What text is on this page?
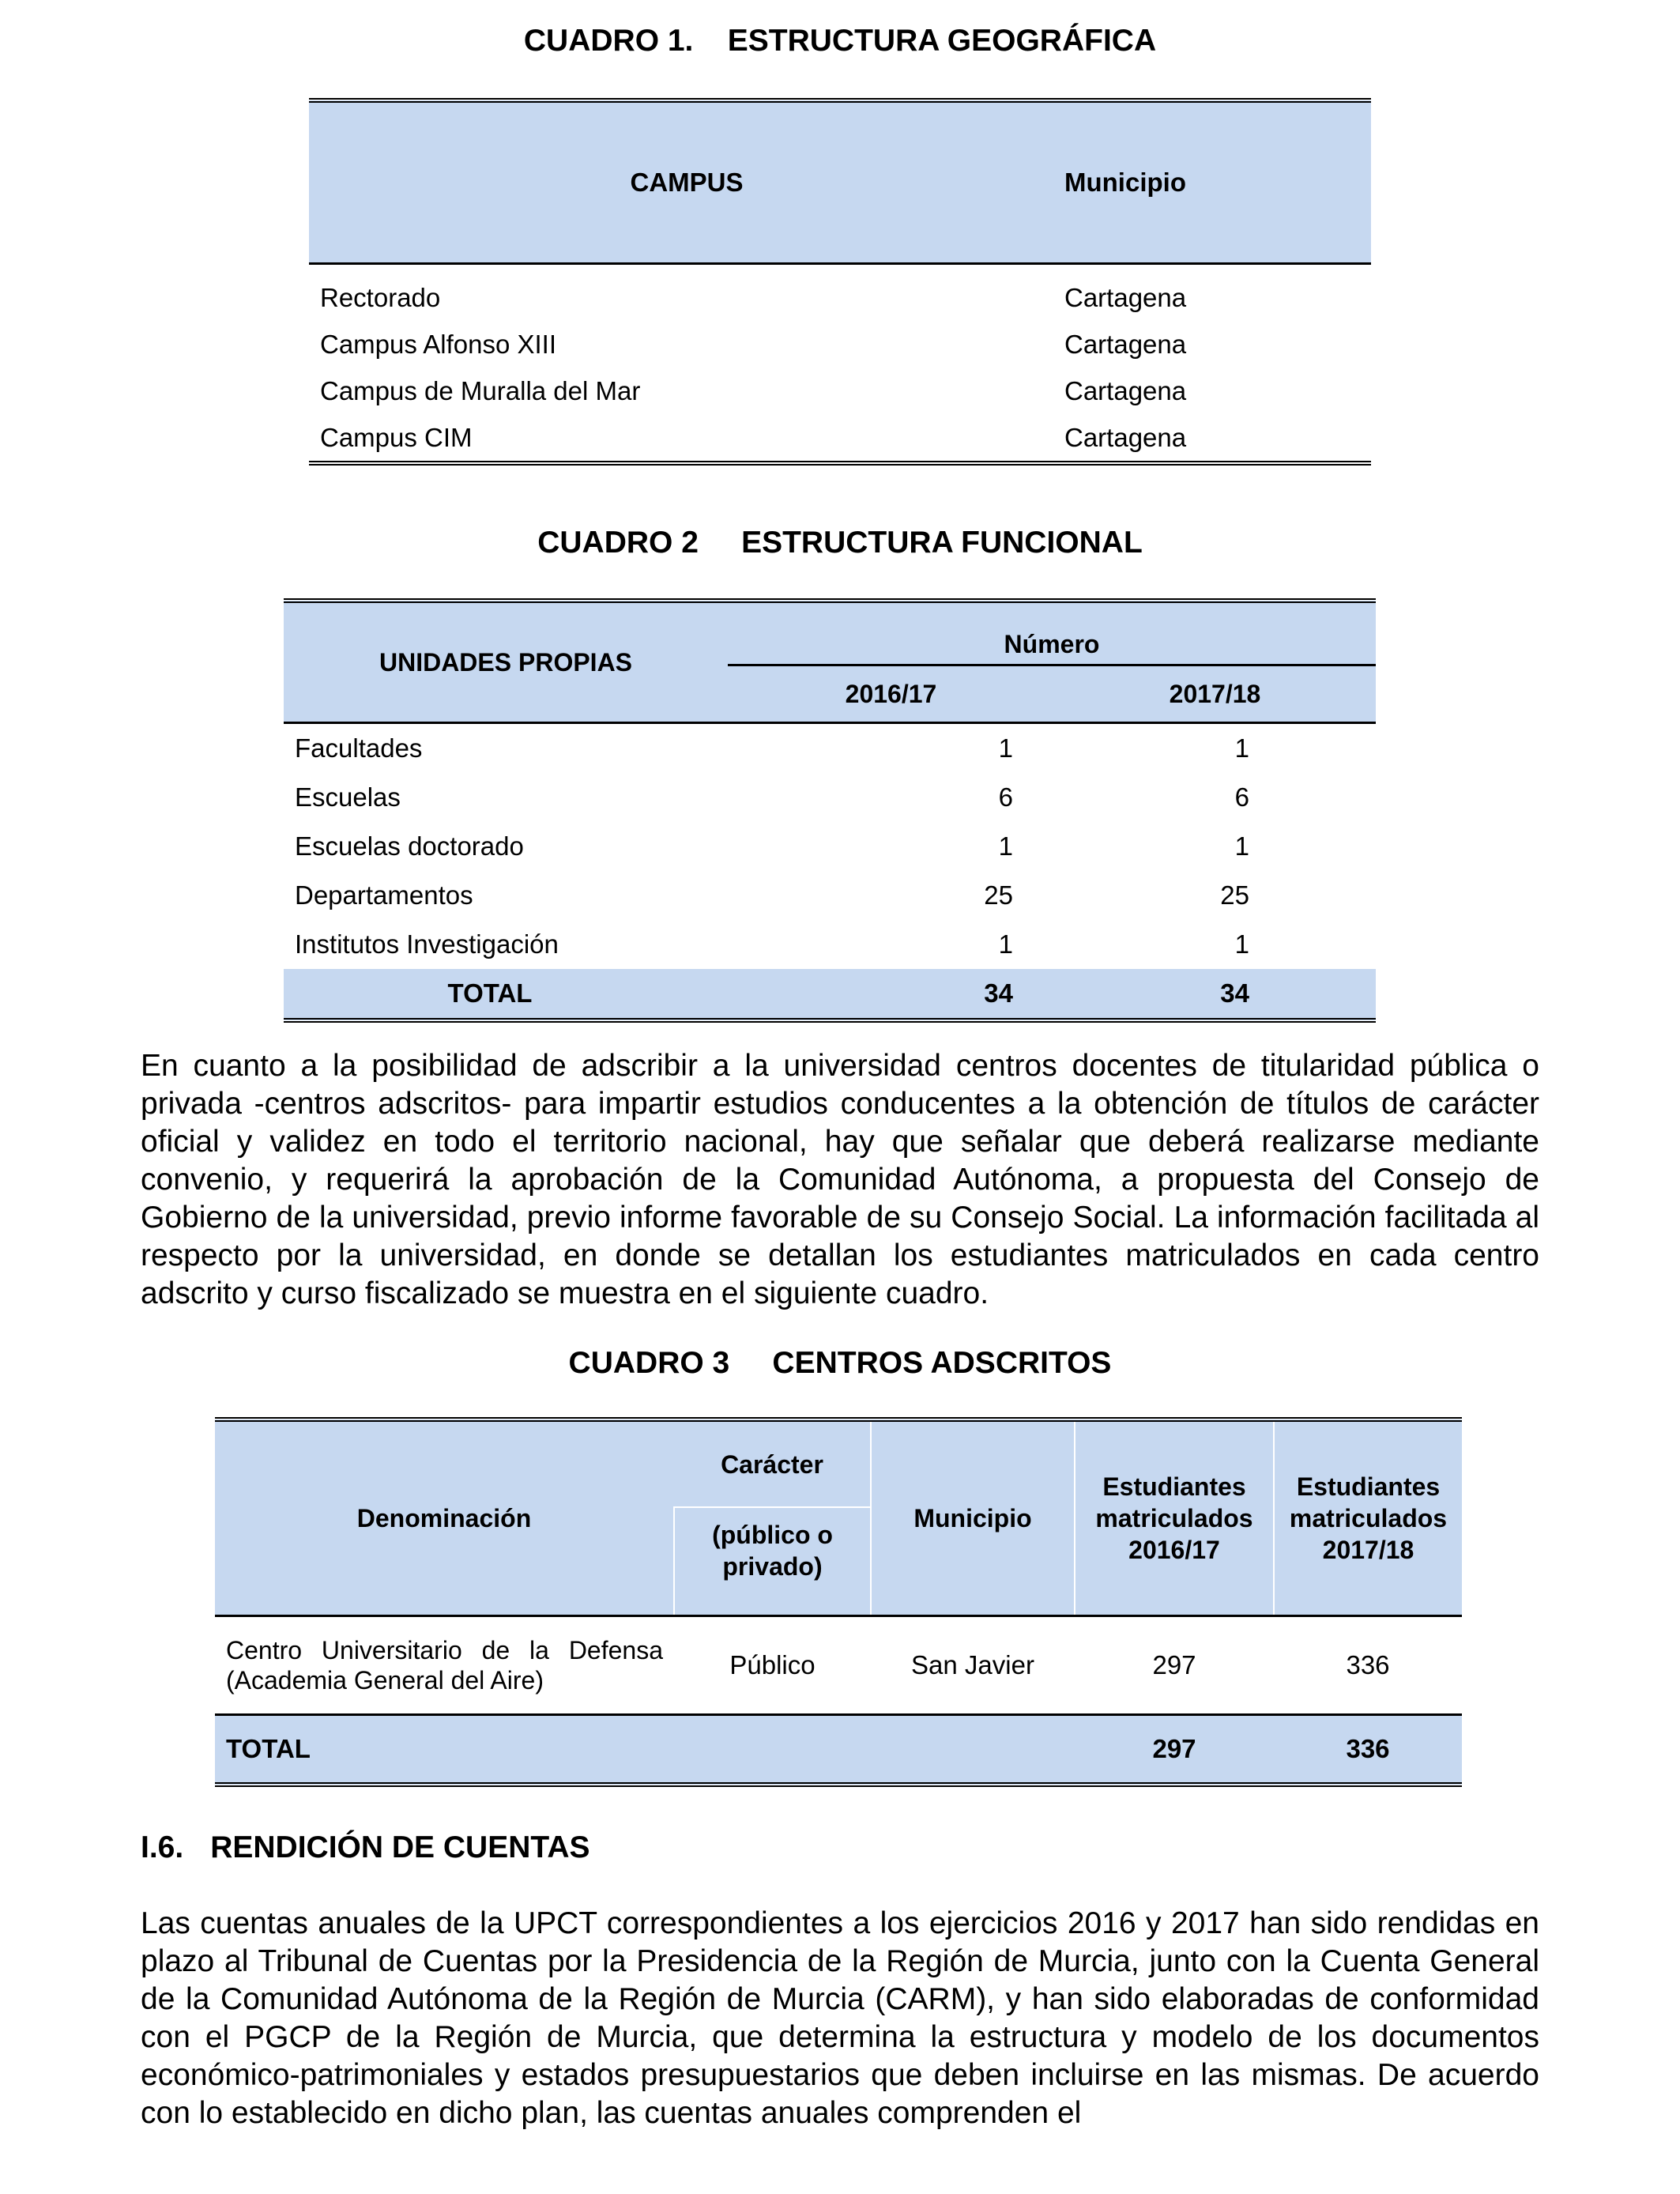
CUADRO 1.    ESTRUCTURA GEOGRÁFICA
CAMPUS	Municipio
Rectorado	Cartagena
Campus Alfonso XIII	Cartagena
Campus de Muralla del Mar	Cartagena
Campus CIM	Cartagena
CUADRO 2     ESTRUCTURA FUNCIONAL
UNIDADES PROPIAS	Número	
	2016/17	2017/18
Facultades	1	1
Escuelas	6	6
Escuelas doctorado	1	1
Departamentos	25	25
Institutos Investigación	1	1
TOTAL	34	34
En cuanto a la posibilidad de adscribir a la universidad centros docentes de titularidad pública o privada -centros adscritos- para impartir estudios conducentes a la obtención de títulos de carácter oficial y validez en todo el territorio nacional, hay que señalar que deberá realizarse mediante convenio, y requerirá la aprobación de la Comunidad Autónoma, a propuesta del Consejo de Gobierno de la universidad, previo informe favorable de su Consejo Social. La información facilitada al respecto por la universidad, en donde se detallan los estudiantes matriculados en cada centro adscrito y curso fiscalizado se muestra en el siguiente cuadro.
CUADRO 3     CENTROS ADSCRITOS
Denominación	Carácter	Municipio	Estudiantes matriculados 2016/17	Estudiantes matriculados 2017/18
	(público o privado)			
Centro Universitario de la Defensa (Academia General del Aire)	Público	San Javier	297	336
TOTAL			297	336
I.6. RENDICIÓN DE CUENTAS
Las cuentas anuales de la UPCT correspondientes a los ejercicios 2016 y 2017 han sido rendidas en plazo al Tribunal de Cuentas por la Presidencia de la Región de Murcia, junto con la Cuenta General de la Comunidad Autónoma de la Región de Murcia (CARM), y han sido elaboradas de conformidad con el PGCP de la Región de Murcia, que determina la estructura y modelo de los documentos económico-patrimoniales y estados presupuestarios que deben incluirse en las mismas. De acuerdo con lo establecido en dicho plan, las cuentas anuales comprenden el
